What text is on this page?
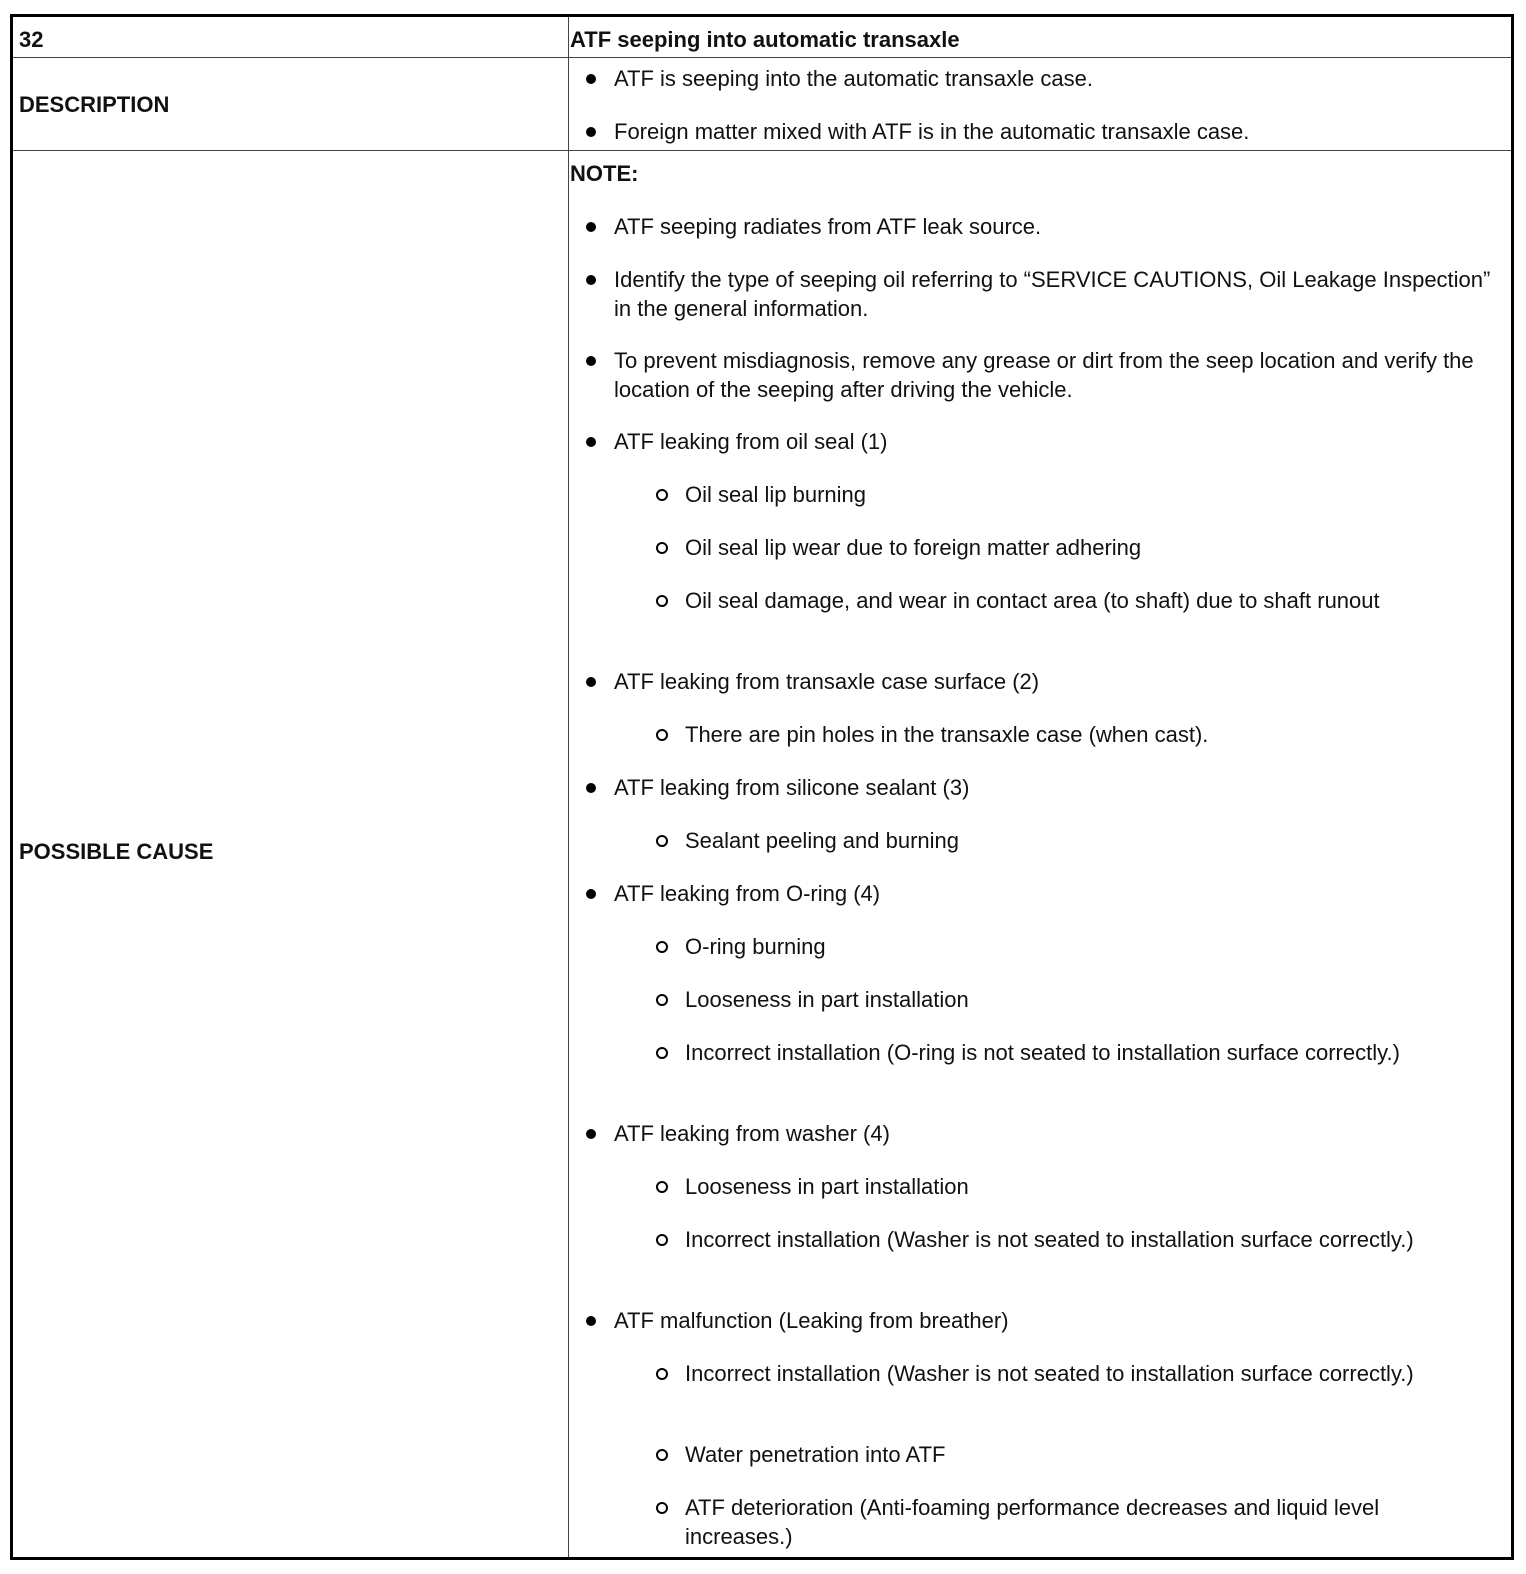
32	ATF seeping into automatic transaxle
DESCRIPTION
ATF is seeping into the automatic transaxle case.
Foreign matter mixed with ATF is in the automatic transaxle case.
POSSIBLE CAUSE
NOTE:
ATF seeping radiates from ATF leak source.
Identify the type of seeping oil referring to “SERVICE CAUTIONS, Oil Leakage Inspection” in the general information.
To prevent misdiagnosis, remove any grease or dirt from the seep location and verify the location of the seeping after driving the vehicle.
ATF leaking from oil seal (1)
Oil seal lip burning
Oil seal lip wear due to foreign matter adhering
Oil seal damage, and wear in contact area (to shaft) due to shaft runout
ATF leaking from transaxle case surface (2)
There are pin holes in the transaxle case (when cast).
ATF leaking from silicone sealant (3)
Sealant peeling and burning
ATF leaking from O-ring (4)
O-ring burning
Looseness in part installation
Incorrect installation (O-ring is not seated to installation surface correctly.)
ATF leaking from washer (4)
Looseness in part installation
Incorrect installation (Washer is not seated to installation surface correctly.)
ATF malfunction (Leaking from breather)
Incorrect installation (Washer is not seated to installation surface correctly.)
Water penetration into ATF
ATF deterioration (Anti-foaming performance decreases and liquid level increases.)
